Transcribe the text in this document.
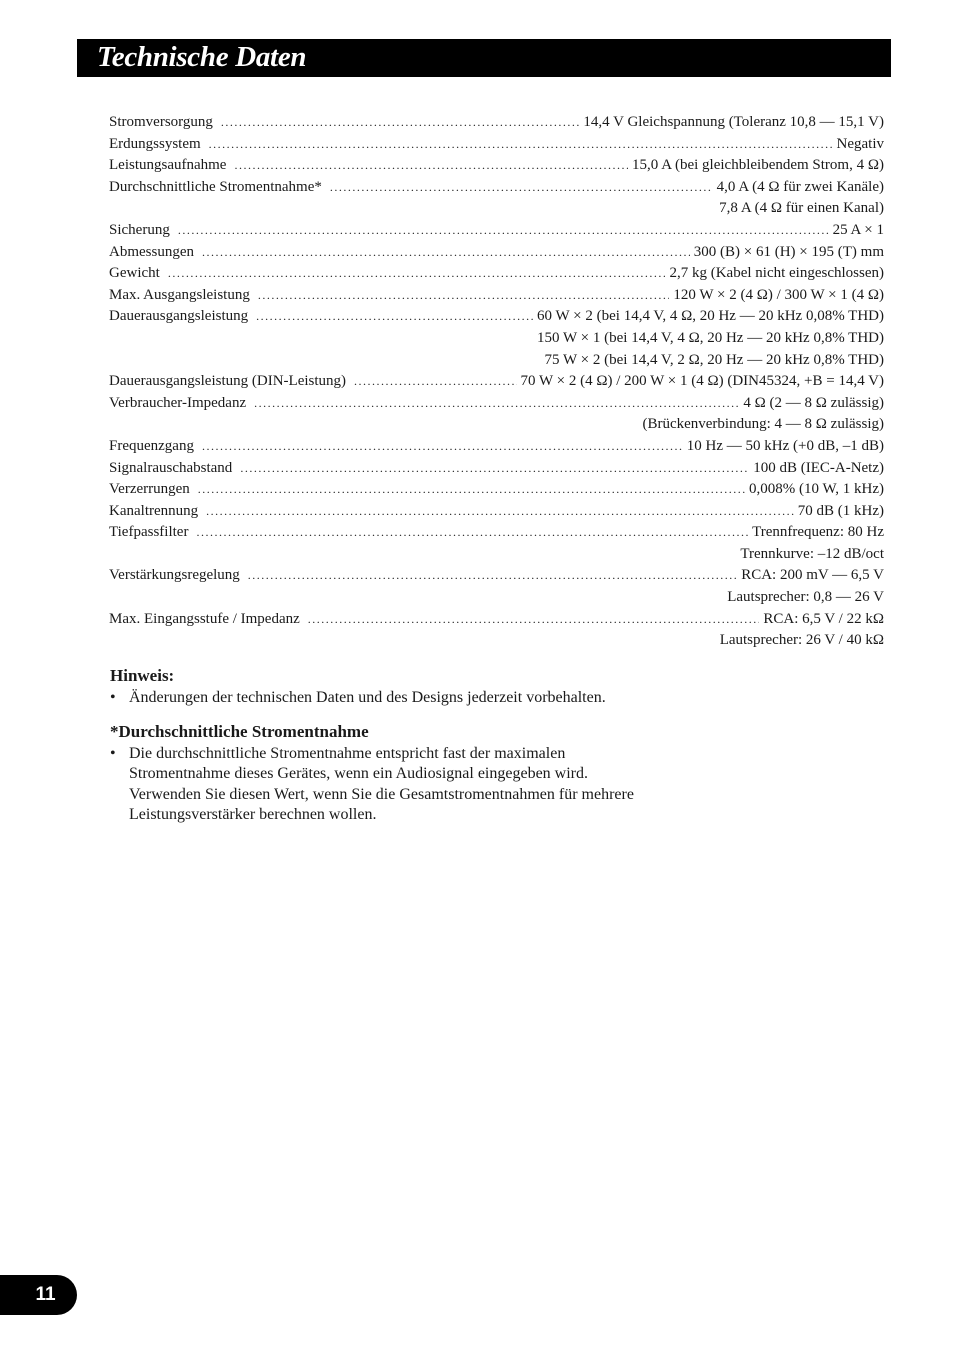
Technische Daten
Stromversorgung .....	14,4 V Gleichspannung (Toleranz 10,8 — 15,1 V)
Erdungssystem .....	Negativ
Leistungsaufnahme .....	15,0 A (bei gleichbleibendem Strom, 4 Ω)
Durchschnittliche Stromentnahme* .....	4,0 A (4 Ω für zwei Kanäle)
7,8 A (4 Ω für einen Kanal)
Sicherung .....	25 A × 1
Abmessungen .....	300 (B) × 61 (H) × 195 (T) mm
Gewicht .....	2,7 kg (Kabel nicht eingeschlossen)
Max. Ausgangsleistung .....	120 W × 2 (4 Ω) / 300 W × 1 (4 Ω)
Dauerausgangsleistung .....	60 W × 2 (bei 14,4 V, 4 Ω, 20 Hz — 20 kHz 0,08% THD)
150 W × 1 (bei 14,4 V, 4 Ω, 20 Hz — 20 kHz 0,8% THD)
75 W × 2 (bei 14,4 V, 2 Ω, 20 Hz — 20 kHz 0,8% THD)
Dauerausgangsleistung (DIN-Leistung) .....	70 W × 2 (4 Ω) / 200 W × 1 (4 Ω) (DIN45324, +B = 14,4 V)
Verbraucher-Impedanz .....	4 Ω (2 — 8 Ω zulässig)
(Brückenverbindung: 4 — 8 Ω zulässig)
Frequenzgang .....	10 Hz — 50 kHz (+0 dB, –1 dB)
Signalrauschabstand .....	100 dB (IEC-A-Netz)
Verzerrungen .....	0,008% (10 W, 1 kHz)
Kanaltrennung .....	70 dB (1 kHz)
Tiefpassfilter .....	Trennfrequenz: 80 Hz
Trennkurve: –12 dB/oct
Verstärkungsregelung .....	RCA: 200 mV — 6,5 V
Lautsprecher: 0,8 — 26 V
Max. Eingangsstufe / Impedanz .....	RCA: 6,5 V / 22 kΩ
Lautsprecher: 26 V / 40 kΩ
Hinweis:
• Änderungen der technischen Daten und des Designs jederzeit vorbehalten.
*Durchschnittliche Stromentnahme
• Die durchschnittliche Stromentnahme entspricht fast der maximalen
Stromentnahme dieses Gerätes, wenn ein Audiosignal eingegeben wird.
Verwenden Sie diesen Wert, wenn Sie die Gesamtstromentnahmen für mehrere
Leistungsverstärker berechnen wollen.
11
